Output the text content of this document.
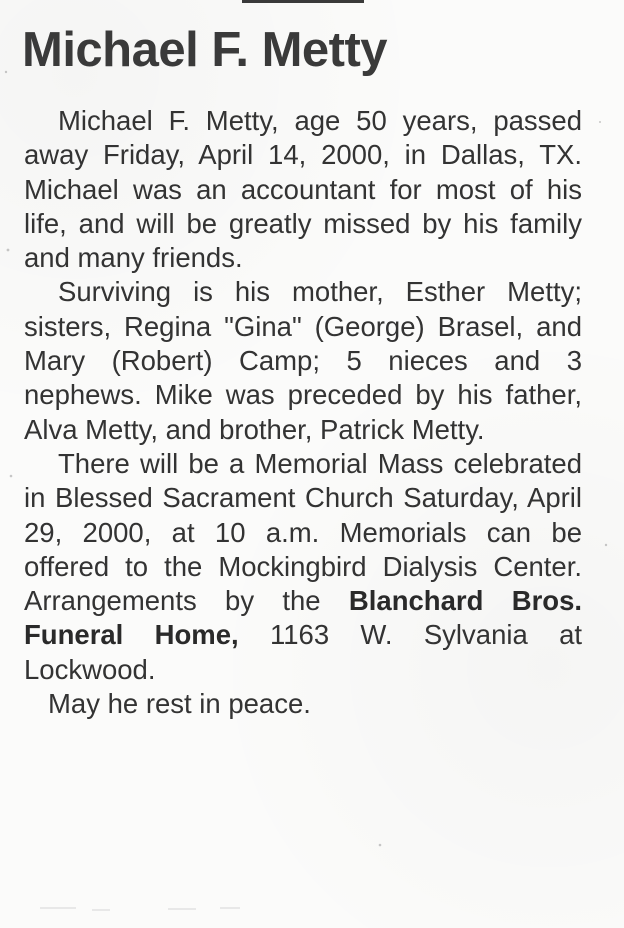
Michael F. Metty

Michael F. Metty, age 50 years, passed away Friday, April 14, 2000, in Dallas, TX. Michael was an accountant for most of his life, and will be greatly missed by his family and many friends.

Surviving is his mother, Esther Metty; sisters, Regina "Gina" (George) Brasel, and Mary (Robert) Camp; 5 nieces and 3 nephews. Mike was preceded by his father, Alva Metty, and brother, Patrick Metty.

There will be a Memorial Mass celebrated in Blessed Sacrament Church Saturday, April 29, 2000, at 10 a.m. Memorials can be offered to the Mockingbird Dialysis Center. Arrangements by the Blanchard Bros. Funeral Home, 1163 W. Sylvania at Lockwood.

May he rest in peace.
